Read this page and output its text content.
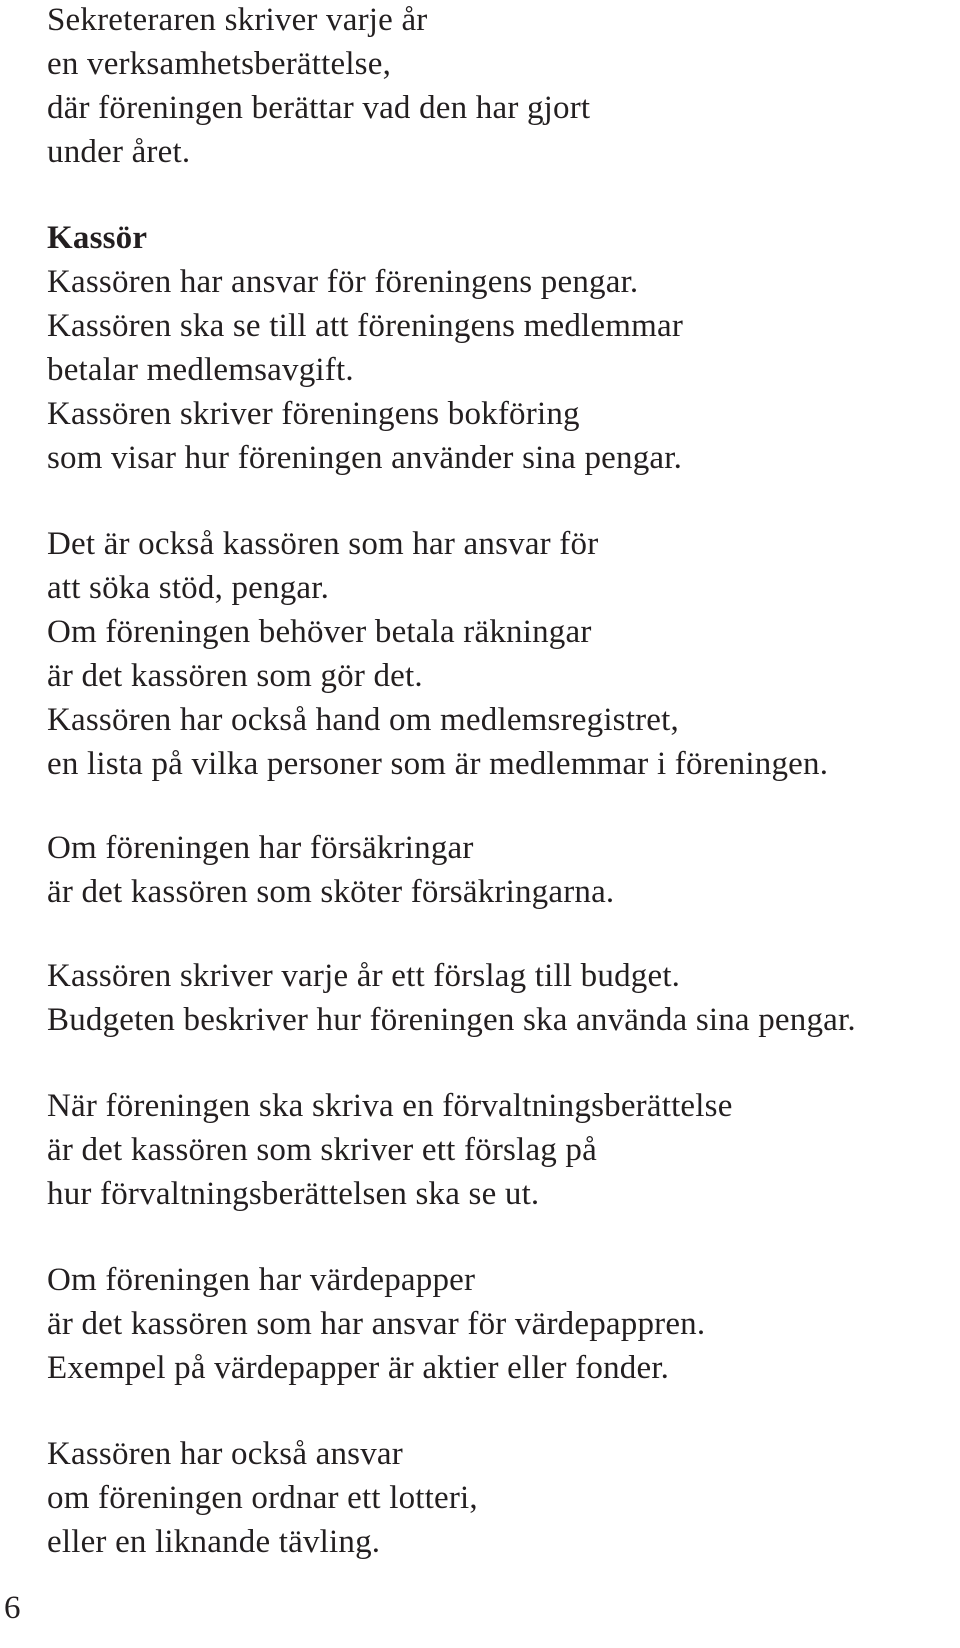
Sekreteraren skriver varje år
en verksamhetsberättelse,
där föreningen berättar vad den har gjort
under året.
Kassör
Kassören har ansvar för föreningens pengar.
Kassören ska se till att föreningens medlemmar
betalar medlemsavgift.
Kassören skriver föreningens bokföring
som visar hur föreningen använder sina pengar.
Det är också kassören som har ansvar för
att söka stöd, pengar.
Om föreningen behöver betala räkningar
är det kassören som gör det.
Kassören har också hand om medlemsregistret,
en lista på vilka personer som är medlemmar i föreningen.
Om föreningen har försäkringar
är det kassören som sköter försäkringarna.
Kassören skriver varje år ett förslag till budget.
Budgeten beskriver hur föreningen ska använda sina pengar.
När föreningen ska skriva en förvaltningsberättelse
är det kassören som skriver ett förslag på
hur förvaltningsberättelsen ska se ut.
Om föreningen har värdepapper
är det kassören som har ansvar för värdepappren.
Exempel på värdepapper är aktier eller fonder.
Kassören har också ansvar
om föreningen ordnar ett lotteri,
eller en liknande tävling.
6
